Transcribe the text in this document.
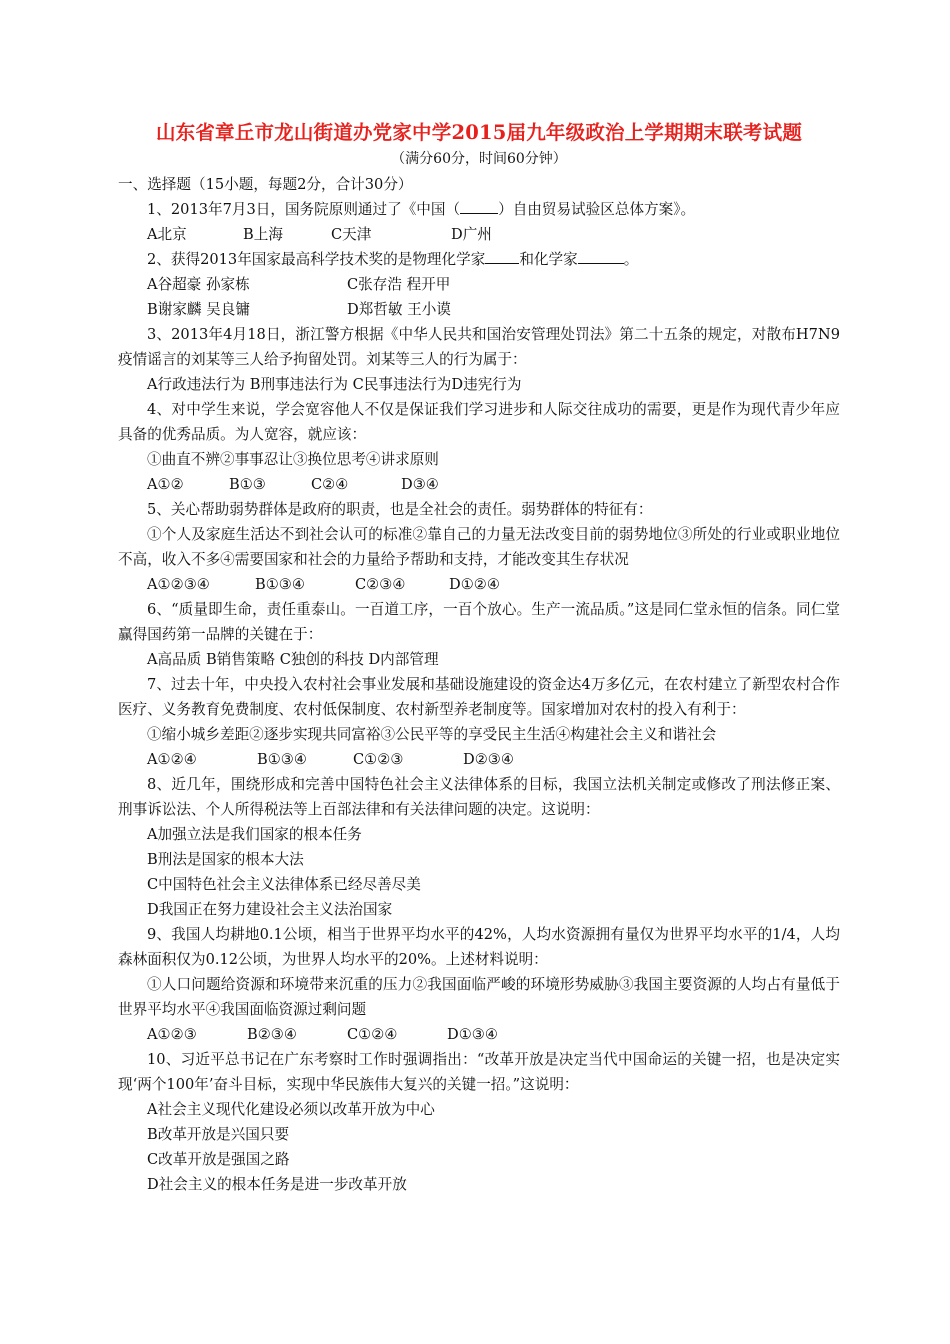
山东省章丘市龙山街道办党家中学2015届九年级政治上学期期末联考试题
（满分60分，时间60分钟）
一、选择题（15小题，每题2分，合计30分）
1、2013年7月3日，国务院原则通过了《中国（	）自由贸易试验区总体方案》。
A北京	B上海	C天津	D广州
2、获得2013年国家最高科学技术奖的是物理化学家 和化学家	。
A谷超豪 孙家栋	C张存浩 程开甲
B谢家麟 吴良镛	D郑哲敏 王小谟
3、2013年4月18日，浙江警方根据《中华人民共和国治安管理处罚法》第二十五条的规定，对散布H7N9疫情谣言的刘某等三人给予拘留处罚。刘某等三人的行为属于：
A行政违法行为 B刑事违法行为 C民事违法行为D违宪行为
4、对中学生来说，学会宽容他人不仅是保证我们学习进步和人际交往成功的需要，更是作为现代青少年应具备的优秀品质。为人宽容，就应该：
①曲直不辨②事事忍让③换位思考④讲求原则
A①②	B①③	C②④	D③④
5、关心帮助弱势群体是政府的职责，也是全社会的责任。弱势群体的特征有：
①个人及家庭生活达不到社会认可的标准②靠自己的力量无法改变目前的弱势地位③所处的行业或职业地位不高，收入不多④需要国家和社会的力量给予帮助和支持，才能改变其生存状况
A①②③④	B①③④	C②③④	D①②④
6、“质量即生命，责任重泰山。一百道工序，一百个放心。生产一流品质。”这是同仁堂永恒的信条。同仁堂赢得国药第一品牌的关键在于：
A高品质 B销售策略 C独创的科技 D内部管理
7、过去十年，中央投入农村社会事业发展和基础设施建设的资金达4万多亿元，在农村建立了新型农村合作医疗、义务教育免费制度、农村低保制度、农村新型养老制度等。国家增加对农村的投入有利于：
①缩小城乡差距②逐步实现共同富裕③公民平等的享受民主生活④构建社会主义和谐社会
A①②④	B①③④	C①②③	D②③④
8、近几年，围绕形成和完善中国特色社会主义法律体系的目标，我国立法机关制定或修改了刑法修正案、刑事诉讼法、个人所得税法等上百部法律和有关法律问题的决定。这说明：
A加强立法是我们国家的根本任务
B刑法是国家的根本大法
C中国特色社会主义法律体系已经尽善尽美
D我国正在努力建设社会主义法治国家
9、我国人均耕地0.1公顷，相当于世界平均水平的42%，人均水资源拥有量仅为世界平均水平的1/4，人均森林面积仅为0.12公顷，为世界人均水平的20%。上述材料说明：
①人口问题给资源和环境带来沉重的压力②我国面临严峻的环境形势威胁③我国主要资源的人均占有量低于世界平均水平④我国面临资源过剩问题
A①②③	B②③④	C①②④	D①③④
10、习近平总书记在广东考察时工作时强调指出：“改革开放是决定当代中国命运的关键一招，也是决定实现‘两个100年’奋斗目标，实现中华民族伟大复兴的关键一招。”这说明：
A社会主义现代化建设必须以改革开放为中心
B改革开放是兴国只要
C改革开放是强国之路
D社会主义的根本任务是进一步改革开放
